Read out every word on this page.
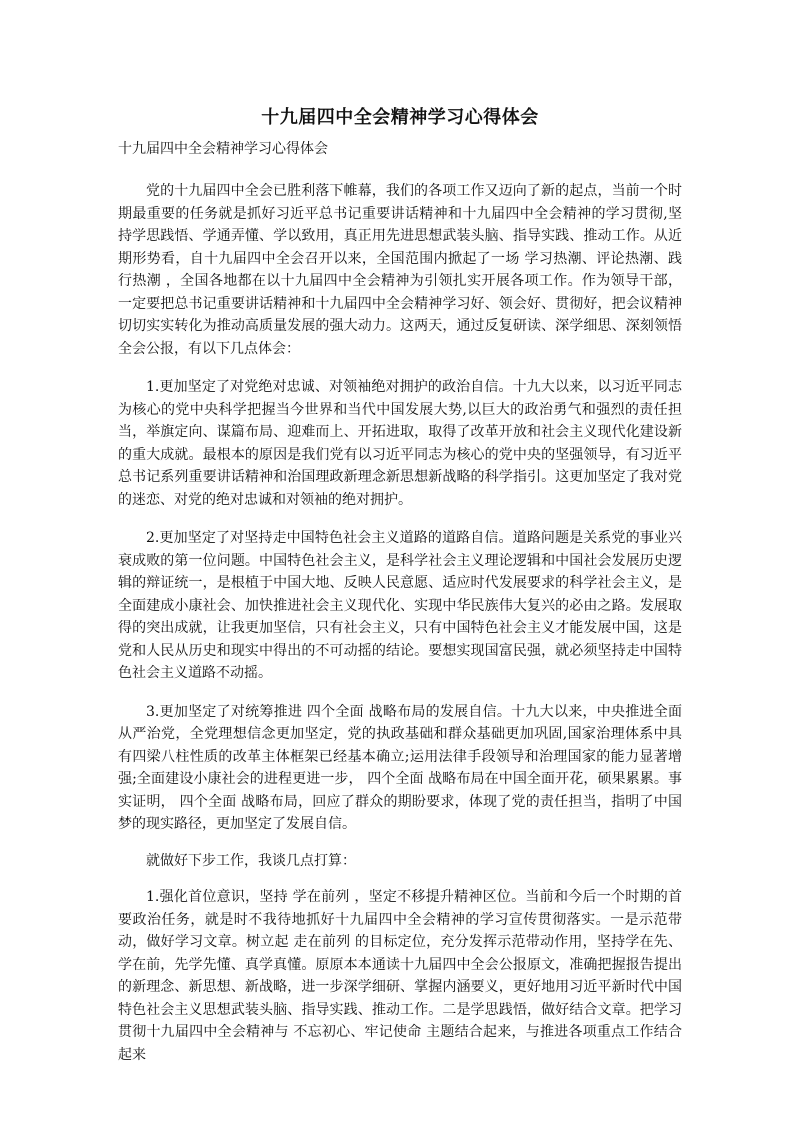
十九届四中全会精神学习心得体会

十九届四中全会精神学习心得体会

党的十九届四中全会已胜利落下帷幕，我们的各项工作又迈向了新的起点，当前一个时期最重要的任务就是抓好习近平总书记重要讲话精神和十九届四中全会精神的学习贯彻,坚持学思践悟、学通弄懂、学以致用，真正用先进思想武装头脑、指导实践、推动工作。从近期形势看，自十九届四中全会召开以来，全国范围内掀起了一场 学习热潮、评论热潮、践行热潮 ，全国各地都在以十九届四中全会精神为引领扎实开展各项工作。作为领导干部，一定要把总书记重要讲话精神和十九届四中全会精神学习好、领会好、贯彻好，把会议精神切切实实转化为推动高质量发展的强大动力。这两天，通过反复研读、深学细思、深刻领悟全会公报，有以下几点体会：

1.更加坚定了对党绝对忠诚、对领袖绝对拥护的政治自信。十九大以来，以习近平同志为核心的党中央科学把握当今世界和当代中国发展大势,以巨大的政治勇气和强烈的责任担当，举旗定向、谋篇布局、迎难而上、开拓进取，取得了改革开放和社会主义现代化建设新的重大成就。最根本的原因是我们党有以习近平同志为核心的党中央的坚强领导，有习近平总书记系列重要讲话精神和治国理政新理念新思想新战略的科学指引。这更加坚定了我对党的迷恋、对党的绝对忠诚和对领袖的绝对拥护。

2.更加坚定了对坚持走中国特色社会主义道路的道路自信。道路问题是关系党的事业兴衰成败的第一位问题。中国特色社会主义，是科学社会主义理论逻辑和中国社会发展历史逻辑的辩证统一，是根植于中国大地、反映人民意愿、适应时代发展要求的科学社会主义，是全面建成小康社会、加快推进社会主义现代化、实现中华民族伟大复兴的必由之路。发展取得的突出成就，让我更加坚信，只有社会主义，只有中国特色社会主义才能发展中国，这是党和人民从历史和现实中得出的不可动摇的结论。要想实现国富民强，就必须坚持走中国特色社会主义道路不动摇。

3.更加坚定了对统筹推进 四个全面 战略布局的发展自信。十九大以来，中央推进全面从严治党，全党理想信念更加坚定，党的执政基础和群众基础更加巩固,国家治理体系中具有四梁八柱性质的改革主体框架已经基本确立;运用法律手段领导和治理国家的能力显著增强;全面建设小康社会的进程更进一步， 四个全面 战略布局在中国全面开花，硕果累累。事实证明， 四个全面 战略布局，回应了群众的期盼要求，体现了党的责任担当，指明了中国梦的现实路径，更加坚定了发展自信。

就做好下步工作，我谈几点打算：

1.强化首位意识，坚持 学在前列 ，坚定不移提升精神区位。当前和今后一个时期的首要政治任务，就是时不我待地抓好十九届四中全会精神的学习宣传贯彻落实。一是示范带动，做好学习文章。树立起 走在前列 的目标定位，充分发挥示范带动作用，坚持学在先、学在前，先学先懂、真学真懂。原原本本通读十九届四中全会公报原文，准确把握报告提出的新理念、新思想、新战略，进一步深学细研、掌握内涵要义，更好地用习近平新时代中国特色社会主义思想武装头脑、指导实践、推动工作。二是学思践悟，做好结合文章。把学习贯彻十九届四中全会精神与 不忘初心、牢记使命 主题结合起来，与推进各项重点工作结合起来
